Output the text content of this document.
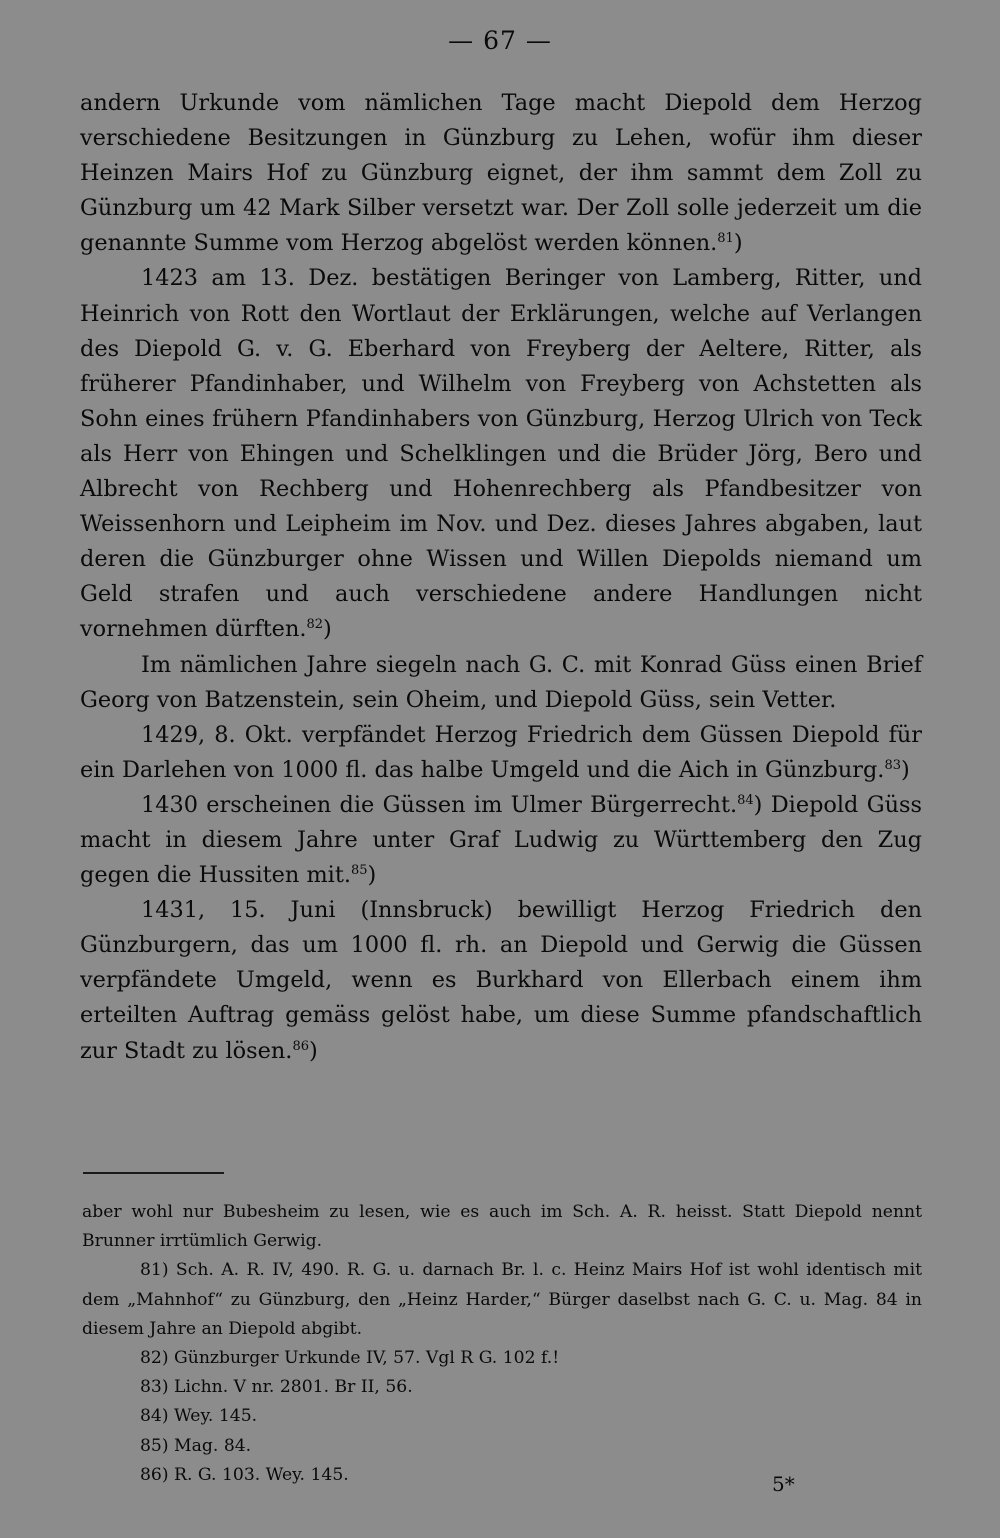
— 67 —

andern Urkunde vom nämlichen Tage macht Diepold dem Herzog verschiedene Besitzungen in Günzburg zu Lehen, wofür ihm dieser Heinzen Mairs Hof zu Günzburg eignet, der ihm sammt dem Zoll zu Günzburg um 42 Mark Silber versetzt war. Der Zoll solle jederzeit um die genannte Summe vom Herzog abgelöst werden können.$^{81}$)

1423 am 13. Dez. bestätigen Beringer von Lamberg, Ritter, und Heinrich von Rott den Wortlaut der Erklärungen, welche auf Verlangen des Diepold G. v. G. Eberhard von Freyberg der Aeltere, Ritter, als früherer Pfandinhaber, und Wilhelm von Freyberg von Achstetten als Sohn eines frühern Pfandinhabers von Günzburg, Herzog Ulrich von Teck als Herr von Ehingen und Schelklingen und die Brüder Jörg, Bero und Albrecht von Rechberg und Hohenrechberg als Pfandbesitzer von Weissenhorn und Leipheim im Nov. und Dez. dieses Jahres abgaben, laut deren die Günzburger ohne Wissen und Willen Diepolds niemand um Geld strafen und auch verschiedene andere Handlungen nicht vornehmen dürften.$^{82}$)

Im nämlichen Jahre siegeln nach G. C. mit Konrad Güss einen Brief Georg von Batzenstein, sein Oheim, und Diepold Güss, sein Vetter.

1429, 8. Okt. verpfändet Herzog Friedrich dem Güssen Diepold für ein Darlehen von 1000 fl. das halbe Umgeld und die Aich in Günzburg.$^{83}$)

1430 erscheinen die Güssen im Ulmer Bürgerrecht.$^{84}$) Diepold Güss macht in diesem Jahre unter Graf Ludwig zu Württemberg den Zug gegen die Hussiten mit.$^{85}$)

1431, 15. Juni (Innsbruck) bewilligt Herzog Friedrich den Günzburgern, das um 1000 fl. rh. an Diepold und Gerwig die Güssen verpfändete Umgeld, wenn es Burkhard von Ellerbach einem ihm erteilten Auftrag gemäss gelöst habe, um diese Summe pfandschaftlich zur Stadt zu lösen.$^{86}$)

aber wohl nur Bubesheim zu lesen, wie es auch im Sch. A. R. heisst. Statt Diepold nennt Brunner irrtümlich Gerwig.

81) Sch. A. R. IV, 490. R. G. u. darnach Br. l. c. Heinz Mairs Hof ist wohl identisch mit dem „Mahnhof“ zu Günzburg, den „Heinz Harder,“ Bürger daselbst nach G. C. u. Mag. 84 in diesem Jahre an Diepold abgibt.

82) Günzburger Urkunde IV, 57. Vgl R G. 102 f.!

83) Lichn. V nr. 2801. Br II, 56.

84) Wey. 145.

85) Mag. 84.

86) R. G. 103. Wey. 145.	5*
